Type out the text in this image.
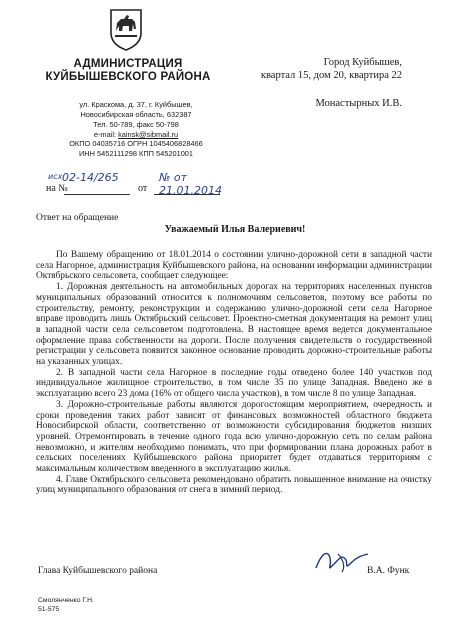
АДМИНИСТРАЦИЯ
КУЙБЫШЕВСКОГО РАЙОНА
ул. Краскома, д. 37, г. Куйбышев,
Новосибирская область, 632387
Тел. 50-789, факс 50-798
e-mail: kainsk@sibmail.ru
ОКПО 04035716 ОГРН 1045406828466
ИНН 5452111298 КПП 545201001
исх 02-14/265	№ от 21.01.2014
на №	от
Город Куйбышев,
квартал 15, дом 20, квартира 22
Монастырных И.В.
Ответ на обращение
Уважаемый Илья Валериевич!

По Вашему обращению от 18.01.2014 о состоянии улично-дорожной сети в западной части села Нагорное, администрация Куйбышевского района, на основании информации администрации Октябрьского сельсовета, сообщает следующее:

1. Дорожная деятельность на автомобильных дорогах на территориях населенных пунктов муниципальных образований относится к полномочиям сельсоветов, поэтому все работы по строительству, ремонту, реконструкции и содержанию улично-дорожной сети села Нагорное вправе проводить лишь Октябрьский сельсовет. Проектно-сметная документация на ремонт улиц в западной части села сельсоветом подготовлена. В настоящее время ведется документальное оформление права собственности на дороги. После получения свидетельств о государственной регистрации у сельсовета появится законное основание проводить дорожно-строительные работы на указанных улицах.

2. В западной части села Нагорное в последние годы отведено более 140 участков под индивидуальное жилищное строительство, в том числе 35 по улице Западная. Введено же в эксплуатацию всего 23 дома (16% от общего числа участков), в том числе 8 по улице Западная.

3. Дорожно-строительные работы являются дорогостоящим мероприятием, очередность и сроки проведения таких работ зависят от финансовых возможностей областного бюджета Новосибирской области, соответственно от возможности субсидирования бюджетов низших уровней. Отремонтировать в течение одного года всю улично-дорожную сеть по селам района невозможно, и жителям необходимо понимать, что при формировании плана дорожных работ в сельских поселениях Куйбышевского района приоритет будет отдаваться территориям с максимальным количеством введенного в эксплуатацию жилья.

4. Главе Октябрьского сельсовета рекомендовано обратить повышенное внимание на очистку улиц муниципального образования от снега в зимний период.

Глава Куйбышевского района	В.А. Функ
Смолянченко Г.Н.
51-575
